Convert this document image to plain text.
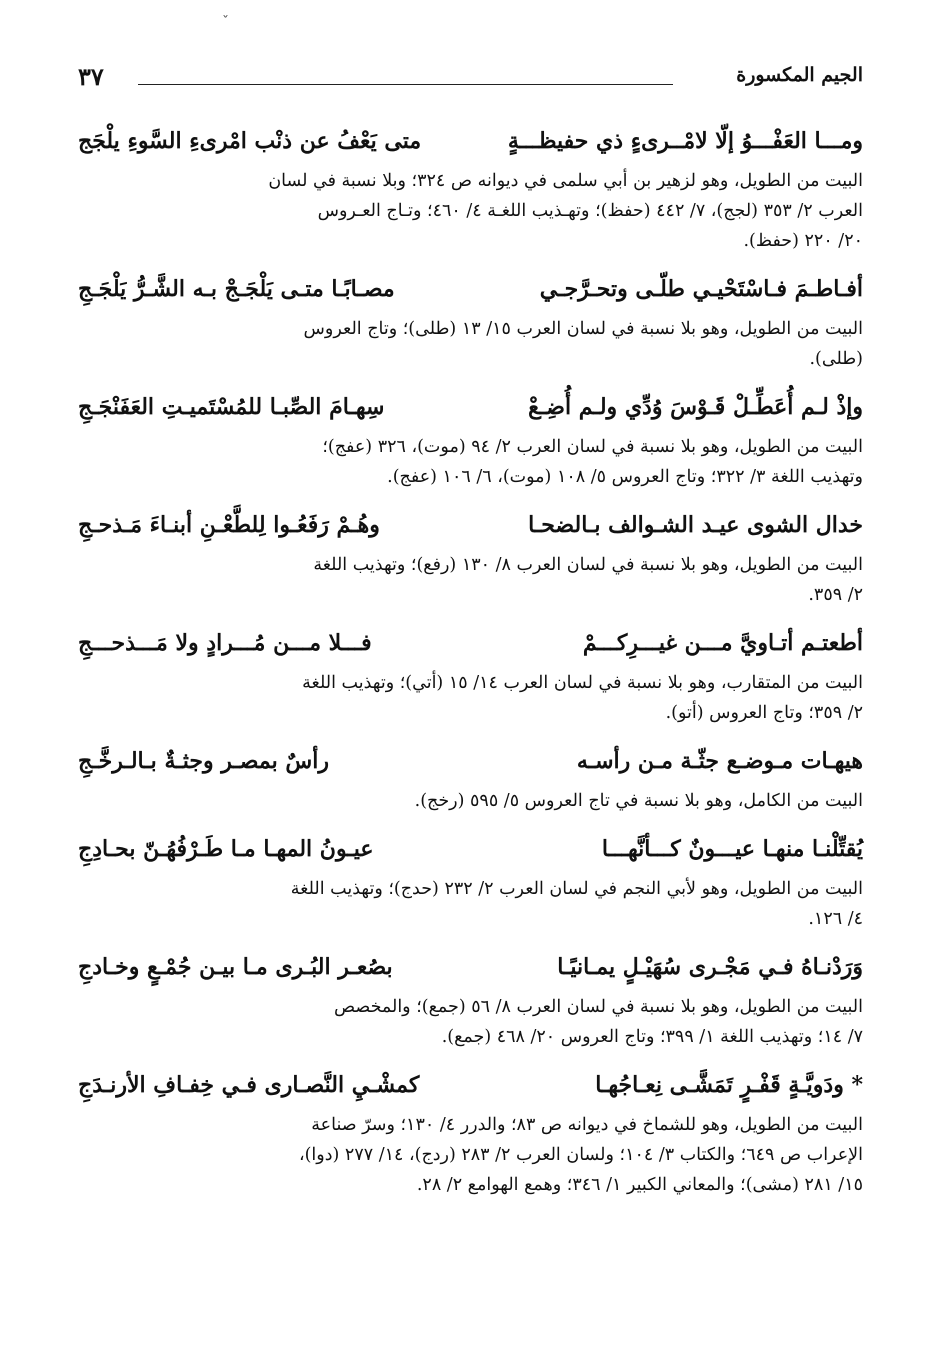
ˇ
الجيم المكسورة
٣٧
ومـــا العَفْـــوُ إلّا لامْــرىءٍ ذي حفيظـــةٍ
متى يَعْفُ عن ذنْب امْرىءِ السَّوءِ يلْجَج
البيت من الطويل، وهو لزهير بن أبي سلمى في ديوانه ص ٣٢٤؛ وبلا نسبة في لسان
العرب ٢/ ٣٥٣ (لجج)، ٧/ ٤٤٢ (حفظ)؛ وتهـذيب اللغـة ٤/ ٤٦٠؛ وتـاج العـروس
٢٠/ ٢٢٠ (حفظ).
أفـاطـمَ فـاسْتَحْيـي طلّـى وتحـرَّجـي
مصـابًـا متـى يَلْجَـجْ بـه الشَّـرُّ يَلْجَـجِ
البيت من الطويل، وهو بلا نسبة في لسان العرب ١٥/ ١٣ (طلى)؛ وتاج العروس
(طلى).
وإذْ لـم أُعَطِّـلْ قَـوْسَ وُدِّي ولـم أُضِـعْ
سِهـامَ الصِّبـا للمُسْتَميـتِ العَفَنْجَـجِ
البيت من الطويل، وهو بلا نسبة في لسان العرب ٢/ ٩٤ (موت)، ٣٢٦ (عفج)؛
وتهذيب اللغة ٣/ ٣٢٢؛ وتاج العروس ٥/ ١٠٨ (موت)، ٦/ ١٠٦ (عفج).
خدال الشوى عيـد الشـوالف بـالضحـا
وهُـمْ رَفَعُـوا لِلطَّعْـنِ أبنـاءَ مَـذحـجِ
البيت من الطويل، وهو بلا نسبة في لسان العرب ٨/ ١٣٠ (رفع)؛ وتهذيب اللغة
٢/ ٣٥٩.
أطعتـم أتـاويَّ مـــن غيـــرِكـــمْ
فـــلا مـــن مُـــرادٍ ولا مَـــذحـــجِ
البيت من المتقارب، وهو بلا نسبة في لسان العرب ١٤/ ١٥ (أتي)؛ وتهذيب اللغة
٢/ ٣٥٩؛ وتاج العروس (أتو).
هيهـات مـوضـع جثّـة مـن رأسـه
رأسٌ بمصـر وجثـةٌ بـالـرخَّـجِ
البيت من الكامل، وهو بلا نسبة في تاج العروس ٥/ ٥٩٥ (رخج).
يُقتِّلْنـا منهـا عيـــونٌ كـــأنَّهـــا
عيـونُ المهـا مـا طَـرْفُهُـنّ بحـادِجِ
البيت من الطويل، وهو لأبي النجم في لسان العرب ٢/ ٢٣٢ (حدج)؛ وتهذيب اللغة
٤/ ١٢٦.
وَرَدْنـاهُ فـي مَجْـرى سُهَيْـلٍ يمـانيًـا
بصُعـر البُـرى مـا بيـن جُمْـعٍ وخـادجِ
البيت من الطويل، وهو بلا نسبة في لسان العرب ٨/ ٥٦ (جمع)؛ والمخصص
٧/ ١٤؛ وتهذيب اللغة ١/ ٣٩٩؛ وتاج العروس ٢٠/ ٤٦٨ (جمع).
* ودَويَّـةٍ قَفْـرٍ تَمَشَّـى نِعـاجُهـا
كمشْـيِ النَّصـارى فـي خِفـافِ الأرنـدَجِ
البيت من الطويل، وهو للشماخ في ديوانه ص ٨٣؛ والدرر ٤/ ١٣٠؛ وسرّ صناعة
الإعراب ص ٦٤٩؛ والكتاب ٣/ ١٠٤؛ ولسان العرب ٢/ ٢٨٣ (ردج)، ١٤/ ٢٧٧ (دوا)،
١٥/ ٢٨١ (مشى)؛ والمعاني الكبير ١/ ٣٤٦؛ وهمع الهوامع ٢/ ٢٨.
